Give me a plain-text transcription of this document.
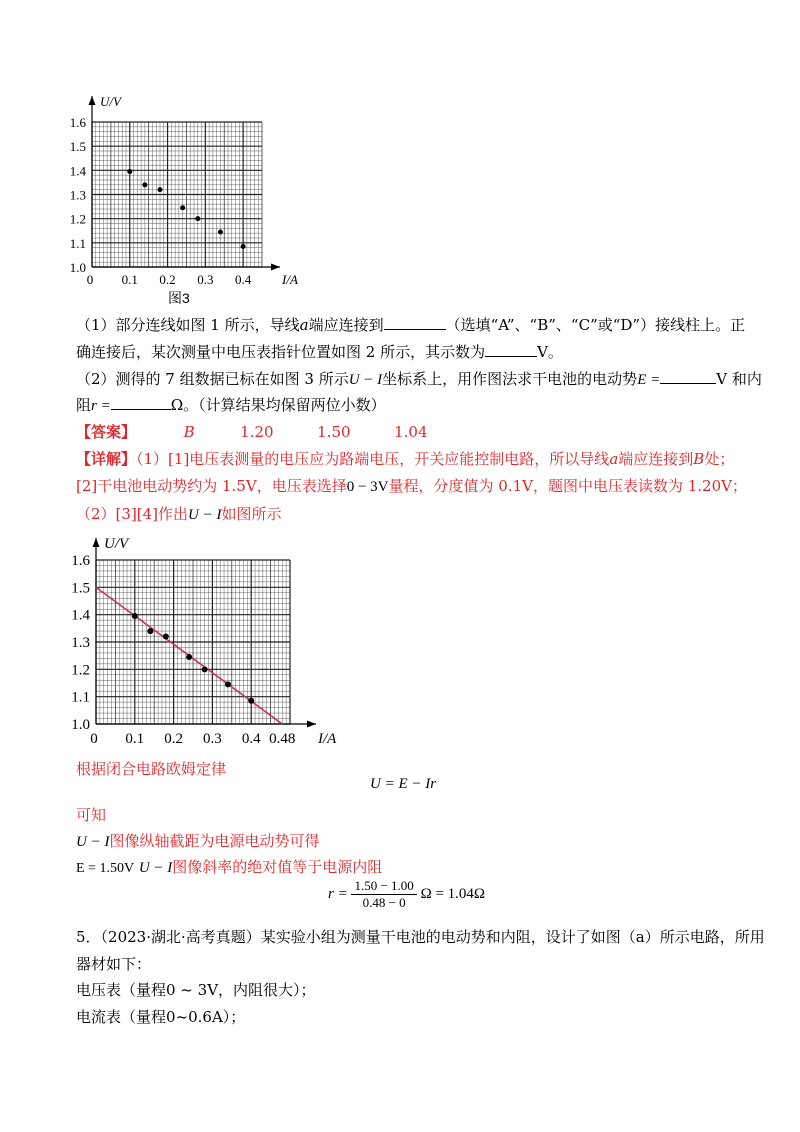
1.0
1.1
1.2
1.3
1.4
1.5
1.6
0.1 0.2 0.3 0.4
0
U/V
I/A
图3
（1）部分连线如图 1 所示，导线a端应连接到	（选填“A”、“B”、“C”或“D”）接线柱上。正
确连接后，某次测量中电压表指针位置如图 2 所示，其示数为	V。
（2）测得的 7 组数据已标在如图 3 所示U − I坐标系上，用作图法求干电池的电动势E =	V 和内
阻r =	Ω。（计算结果均保留两位小数）
【答案】	B	1.20	1.50	1.04
【详解】（1）[1]电压表测量的电压应为路端电压，开关应能控制电路，所以导线a端应连接到B处；
[2]干电池电动势约为 1.5V，电压表选择0 − 3V量程，分度值为 0.1V，题图中电压表读数为 1.20V；
（2）[3][4]作出U − I如图所示
1.0
1.1
1.2
1.3
1.4
1.5
1.6
0.1 0.2 0.3 0.4 0.48
0
U/V
I/A
根据闭合电路欧姆定律
U = E − Ir
可知
U − I图像纵轴截距为电源电动势可得
E = 1.50V U − I图像斜率的绝对值等于电源内阻
$r = \frac{1.50 - 1.00}{0.48 - 0}$ Ω = 1.04Ω
5．（2023·湖北·高考真题）某实验小组为测量干电池的电动势和内阻，设计了如图（a）所示电路，所用
器材如下：
电压表（量程0 ~ 3V，内阻很大）；
电流表（量程0~0.6A）；
